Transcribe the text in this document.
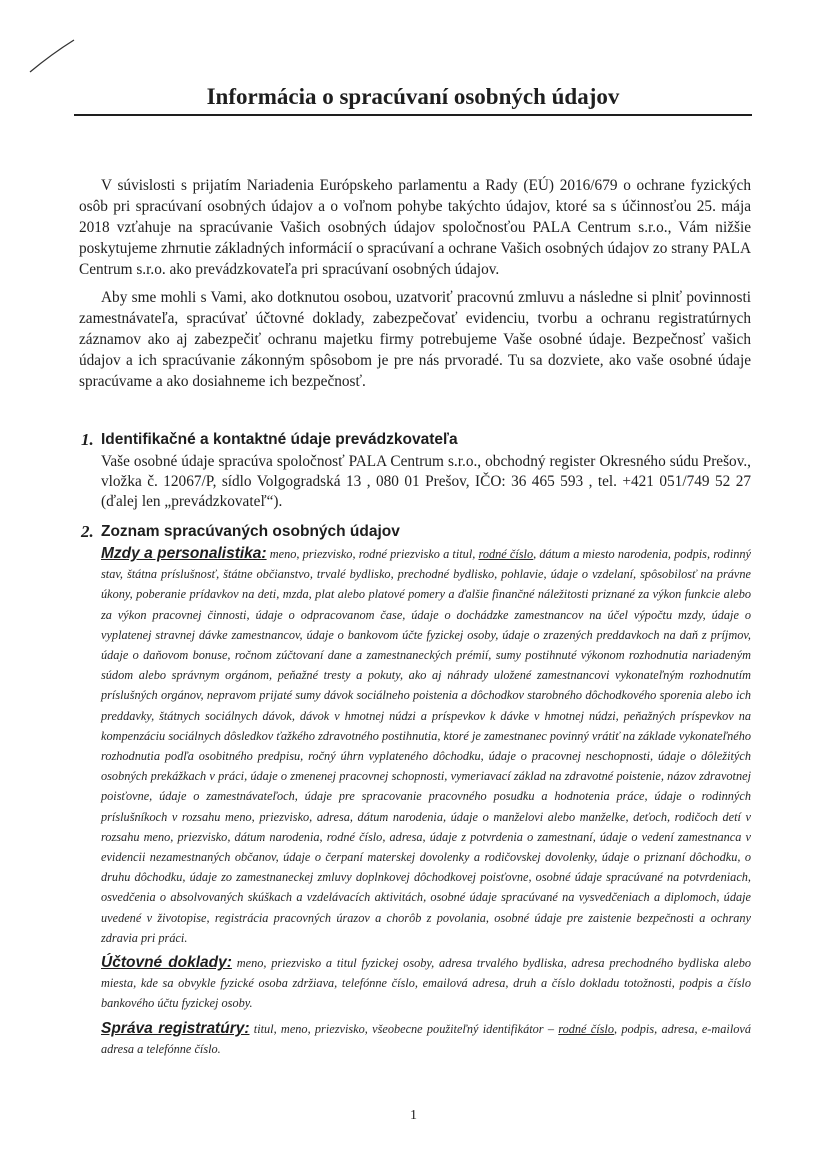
Informácia o spracúvaní osobných údajov

V súvislosti s prijatím Nariadenia Európskeho parlamentu a Rady (EÚ) 2016/679 o ochrane fyzických osôb pri spracúvaní osobných údajov a o voľnom pohybe takýchto údajov, ktoré sa s účinnosťou 25. mája 2018 vzťahuje na spracúvanie Vašich osobných údajov spoločnosťou PALA Centrum s.r.o., Vám nižšie poskytujeme zhrnutie základných informácií o spracúvaní a ochrane Vašich osobných údajov zo strany PALA Centrum s.r.o. ako prevádzkovateľa pri spracúvaní osobných údajov.

Aby sme mohli s Vami, ako dotknutou osobou, uzatvoriť pracovnú zmluvu a následne si plniť povinnosti zamestnávateľa, spracúvať účtovné doklady, zabezpečovať evidenciu, tvorbu a ochranu registratúrnych záznamov ako aj zabezpečiť ochranu majetku firmy potrebujeme Vaše osobné údaje. Bezpečnosť vašich údajov a ich spracúvanie zákonným spôsobom je pre nás prvoradé. Tu sa dozviete, ako vaše osobné údaje spracúvame a ako dosiahneme ich bezpečnosť.

1. Identifikačné a kontaktné údaje prevádzkovateľa

Vaše osobné údaje spracúva spoločnosť PALA Centrum s.r.o., obchodný register Okresného súdu Prešov., vložka č. 12067/P, sídlo Volgogradská 13 , 080 01 Prešov, IČO: 36 465 593 , tel. +421 051/749 52 27 (ďalej len „prevádzkovateľ“).

2. Zoznam spracúvaných osobných údajov

Mzdy a personalistika: meno, priezvisko, rodné priezvisko a titul, rodné číslo, dátum a miesto narodenia, podpis, rodinný stav, štátna príslušnosť, štátne občianstvo, trvalé bydlisko, prechodné bydlisko, pohlavie, údaje o vzdelaní, spôsobilosť na právne úkony, poberanie prídavkov na deti, mzda, plat alebo platové pomery a ďalšie finančné náležitosti priznané za výkon funkcie alebo za výkon pracovnej činnosti, údaje o odpracovanom čase, údaje o dochádzke zamestnancov na účel výpočtu mzdy, údaje o vyplatenej stravnej dávke zamestnancov, údaje o bankovom účte fyzickej osoby, údaje o zrazených preddavkoch na daň z príjmov, údaje o daňovom bonuse, ročnom zúčtovaní dane a zamestnaneckých prémií, sumy postihnuté výkonom rozhodnutia nariadeným súdom alebo správnym orgánom, peňažné tresty a pokuty, ako aj náhrady uložené zamestnancovi vykonateľným rozhodnutím príslušných orgánov, nepravom prijaté sumy dávok sociálneho poistenia a dôchodkov starobného dôchodkového sporenia alebo ich preddavky, štátnych sociálnych dávok, dávok v hmotnej núdzi a príspevkov k dávke v hmotnej núdzi, peňažných príspevkov na kompenzáciu sociálnych dôsledkov ťažkého zdravotného postihnutia, ktoré je zamestnanec povinný vrátiť na základe vykonateľného rozhodnutia podľa osobitného predpisu, ročný úhrn vyplateného dôchodku, údaje o pracovnej neschopnosti, údaje o dôležitých osobných prekážkach v práci, údaje o zmenenej pracovnej schopnosti, vymeriavací základ na zdravotné poistenie, názov zdravotnej poisťovne, údaje o zamestnávateľoch, údaje pre spracovanie pracovného posudku a hodnotenia práce, údaje o rodinných príslušníkoch v rozsahu meno, priezvisko, adresa, dátum narodenia, údaje o manželovi alebo manželke, deťoch, rodičoch detí v rozsahu meno, priezvisko, dátum narodenia, rodné číslo, adresa, údaje z potvrdenia o zamestnaní, údaje o vedení zamestnanca v evidencii nezamestnaných občanov, údaje o čerpaní materskej dovolenky a rodičovskej dovolenky, údaje o priznaní dôchodku, o druhu dôchodku, údaje zo zamestnaneckej zmluvy doplnkovej dôchodkovej poisťovne, osobné údaje spracúvané na potvrdeniach, osvedčenia o absolvovaných skúškach a vzdelávacích aktivitách, osobné údaje spracúvané na vysvedčeniach a diplomoch, údaje uvedené v životopise, registrácia pracovných úrazov a chorôb z povolania, osobné údaje pre zaistenie bezpečnosti a ochrany zdravia pri práci.

Účtovné doklady: meno, priezvisko a titul fyzickej osoby, adresa trvalého bydliska, adresa prechodného bydliska alebo miesta, kde sa obvykle fyzické osoba zdržiava, telefónne číslo, emailová adresa, druh a číslo dokladu totožnosti, podpis a číslo bankového účtu fyzickej osoby.

Správa registratúry: titul, meno, priezvisko, všeobecne použiteľný identifikátor – rodné číslo, podpis, adresa, e-mailová adresa a telefónne číslo.

1
